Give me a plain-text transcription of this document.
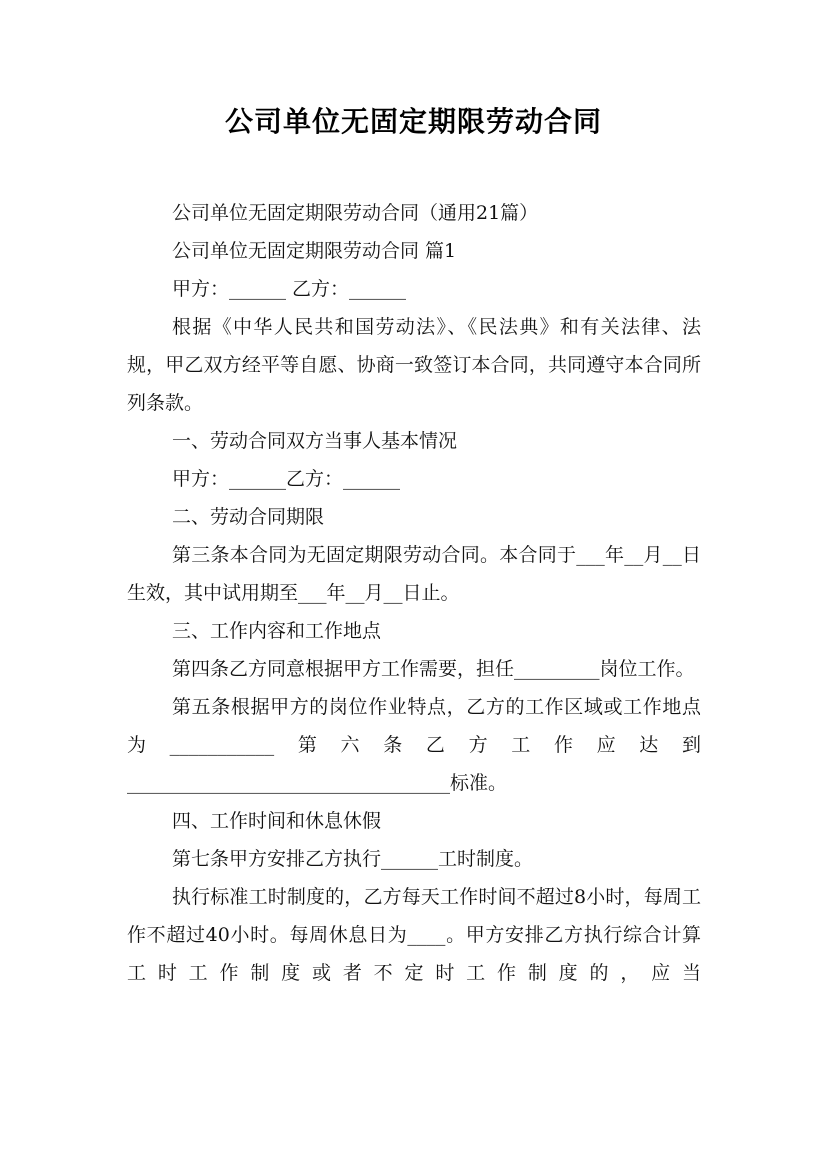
公司单位无固定期限劳动合同

公司单位无固定期限劳动合同（通用21篇）

公司单位无固定期限劳动合同 篇1

甲方：______ 乙方：______

根据《中华人民共和国劳动法》、《民法典》和有关法律、法规，甲乙双方经平等自愿、协商一致签订本合同，共同遵守本合同所列条款。

一、劳动合同双方当事人基本情况

甲方：______乙方：______

二、劳动合同期限

第三条本合同为无固定期限劳动合同。本合同于___年__月__日生效，其中试用期至___年__月__日止。

三、工作内容和工作地点

第四条乙方同意根据甲方工作需要，担任_________岗位工作。

第五条根据甲方的岗位作业特点，乙方的工作区域或工作地点为___________第六条乙方工作应达到__________________________________标准。

四、工作时间和休息休假

第七条甲方安排乙方执行______工时制度。

执行标准工时制度的，乙方每天工作时间不超过8小时，每周工作不超过40小时。每周休息日为____。甲方安排乙方执行综合计算工时工作制度或者不定时工作制度的，应当
